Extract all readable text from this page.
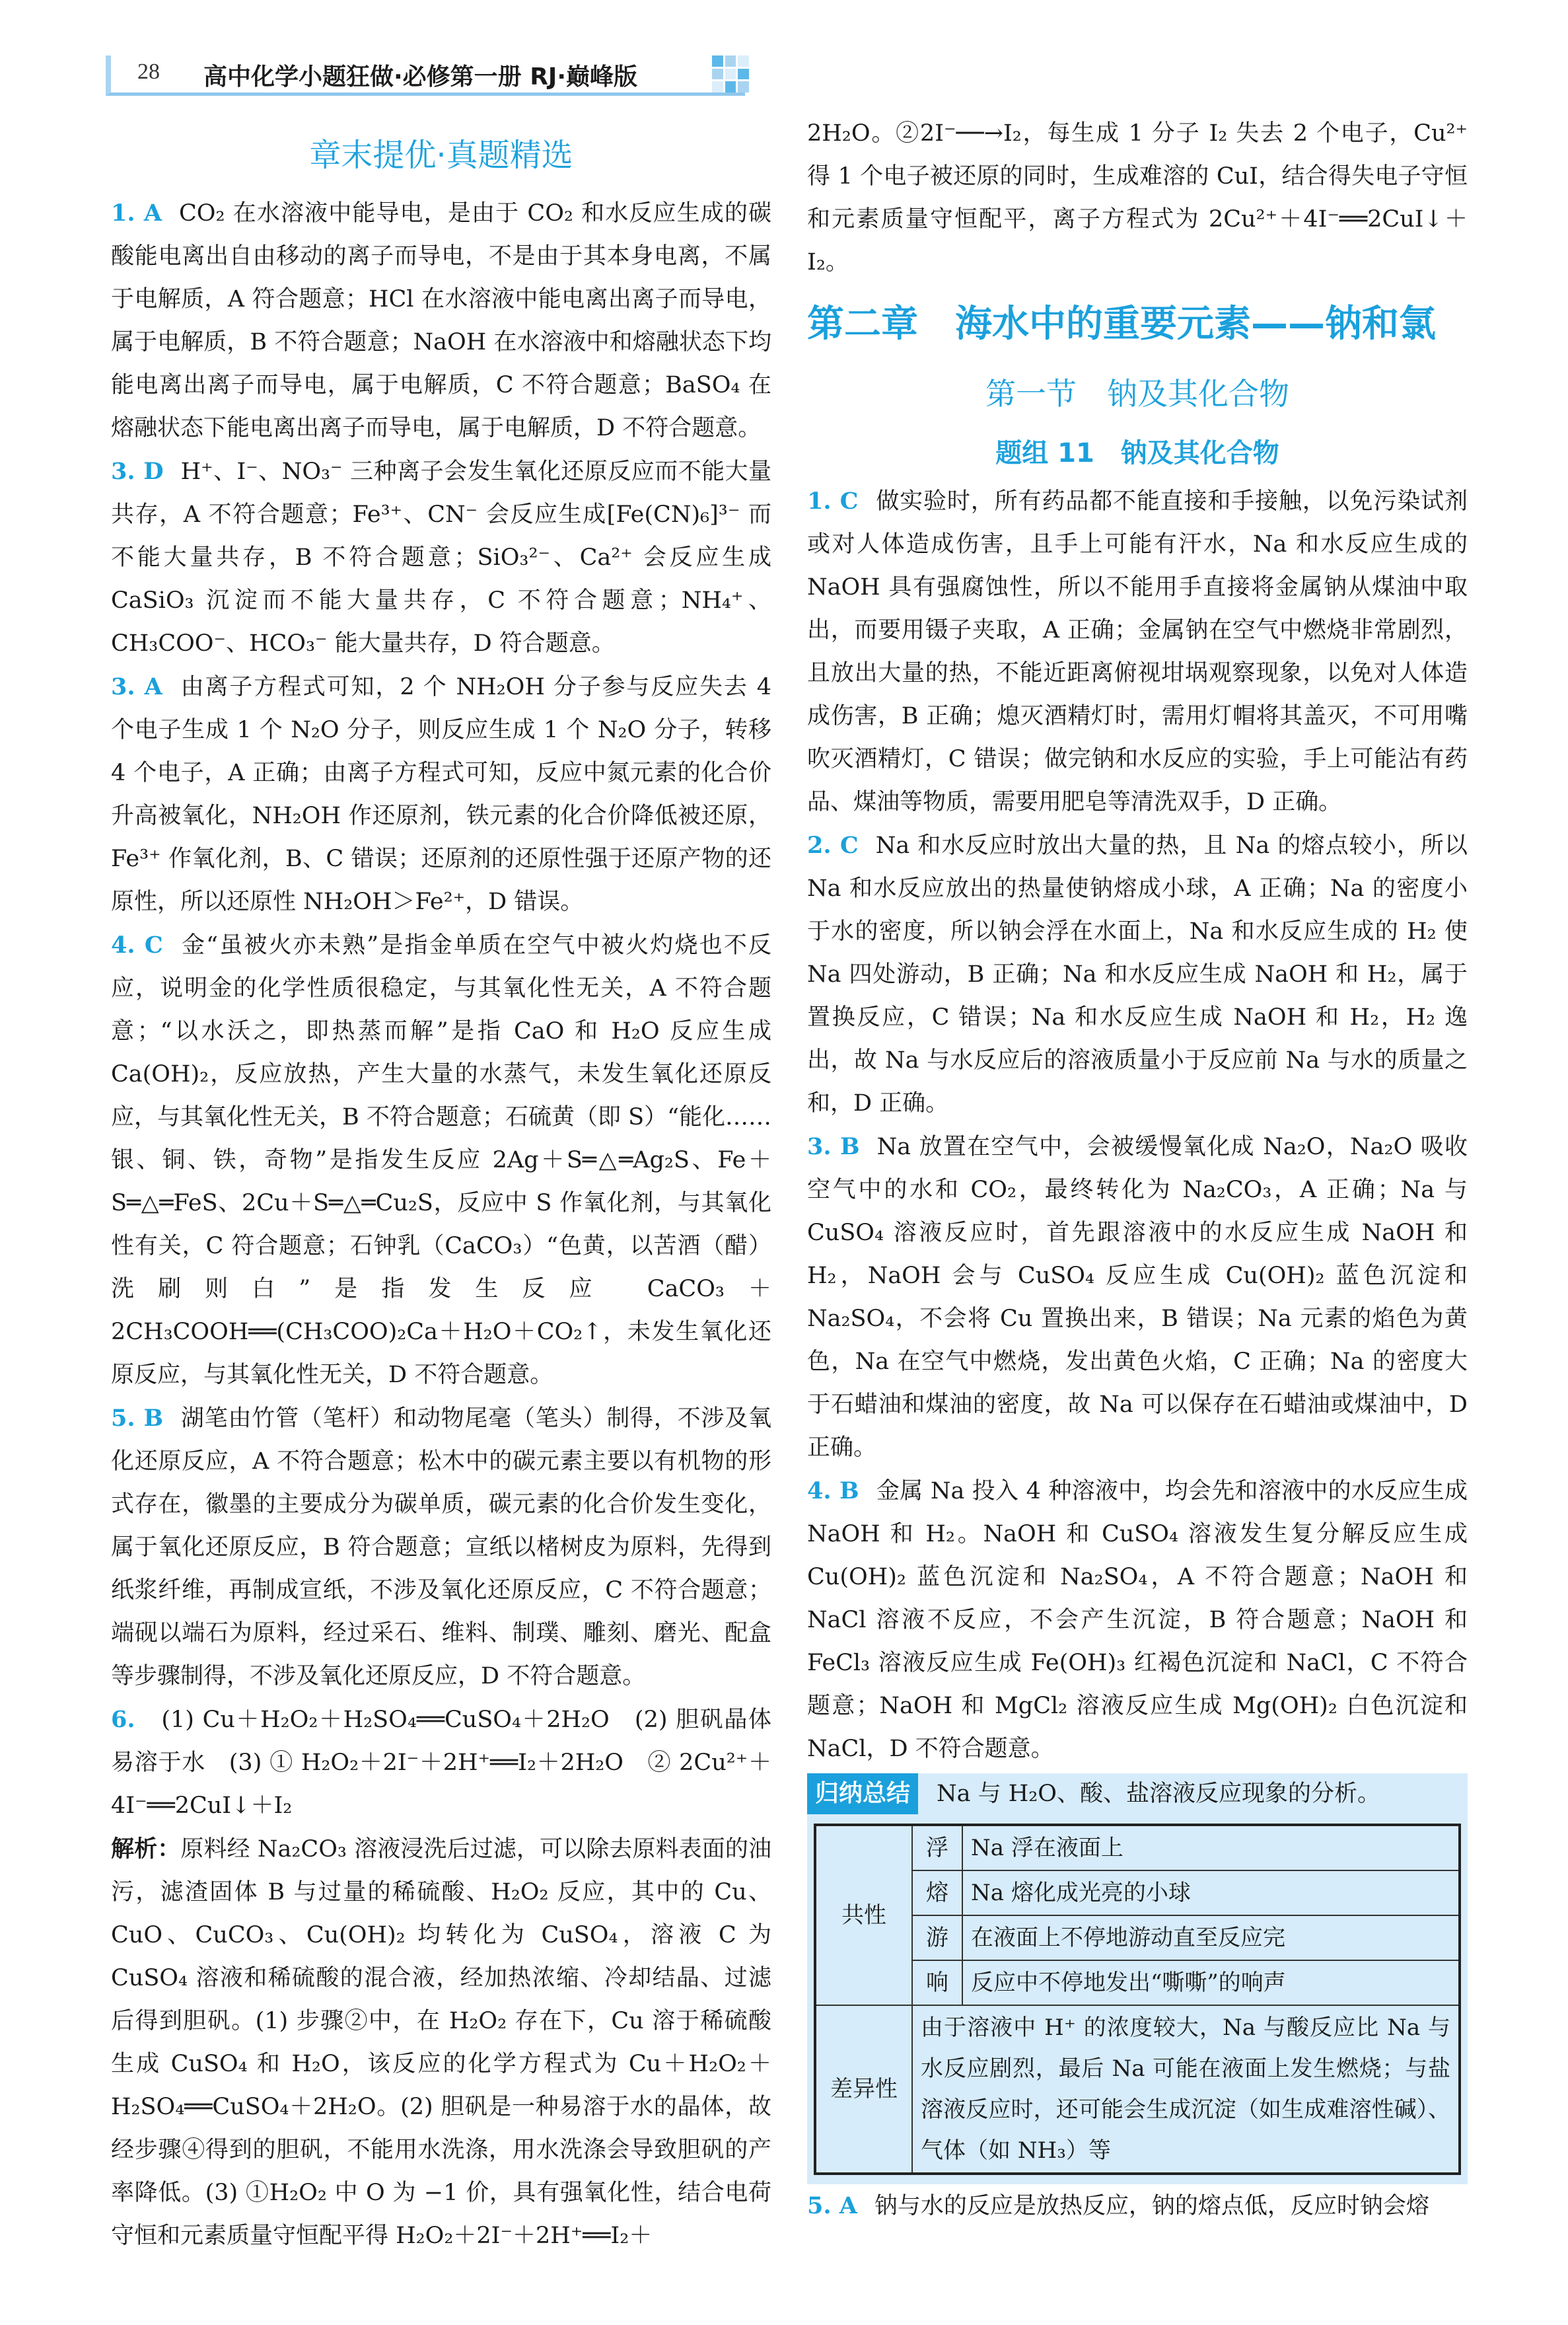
28 高中化学小题狂做·必修第一册 RJ·巅峰版
章末提优·真题精选

1. A CO₂ 在水溶液中能导电，是由于 CO₂ 和水反应生成的碳酸能电离出自由移动的离子而导电，不是由于其本身电离，不属于电解质，A 符合题意；HCl 在水溶液中能电离出离子而导电，属于电解质，B 不符合题意；NaOH 在水溶液中和熔融状态下均能电离出离子而导电，属于电解质，C 不符合题意；BaSO₄ 在熔融状态下能电离出离子而导电，属于电解质，D 不符合题意。

3. D H⁺、I⁻、NO₃⁻ 三种离子会发生氧化还原反应而不能大量共存，A 不符合题意；Fe³⁺、CN⁻ 会反应生成[Fe(CN)₆]³⁻ 而不能大量共存，B 不符合题意；SiO₃²⁻、Ca²⁺ 会反应生成 CaSiO₃ 沉淀而不能大量共存，C 不符合题意；NH₄⁺、CH₃COO⁻、HCO₃⁻ 能大量共存，D 符合题意。

3. A 由离子方程式可知，2 个 NH₂OH 分子参与反应失去 4 个电子生成 1 个 N₂O 分子，则反应生成 1 个 N₂O 分子，转移 4 个电子，A 正确；由离子方程式可知，反应中氮元素的化合价升高被氧化，NH₂OH 作还原剂，铁元素的化合价降低被还原，Fe³⁺ 作氧化剂，B、C 错误；还原剂的还原性强于还原产物的还原性，所以还原性 NH₂OH＞Fe²⁺，D 错误。

4. C 金“虽被火亦未熟”是指金单质在空气中被火灼烧也不反应，说明金的化学性质很稳定，与其氧化性无关，A 不符合题意；“以水沃之，即热蒸而解”是指 CaO 和 H₂O 反应生成 Ca(OH)₂，反应放热，产生大量的水蒸气，未发生氧化还原反应，与其氧化性无关，B 不符合题意；石硫黄（即 S）“能化……银、铜、铁，奇物”是指发生反应 2Ag＋S═△═Ag₂S、Fe＋S═△═FeS、2Cu＋S═△═Cu₂S，反应中 S 作氧化剂，与其氧化性有关，C 符合题意；石钟乳（CaCO₃）“色黄，以苦酒（醋）洗刷则白”是指发生反应 CaCO₃＋2CH₃COOH══(CH₃COO)₂Ca＋H₂O＋CO₂↑，未发生氧化还原反应，与其氧化性无关，D 不符合题意。

5. B 湖笔由竹管（笔杆）和动物尾毫（笔头）制得，不涉及氧化还原反应，A 不符合题意；松木中的碳元素主要以有机物的形式存在，徽墨的主要成分为碳单质，碳元素的化合价发生变化，属于氧化还原反应，B 符合题意；宣纸以楮树皮为原料，先得到纸浆纤维，再制成宣纸，不涉及氧化还原反应，C 不符合题意；端砚以端石为原料，经过采石、维料、制璞、雕刻、磨光、配盒等步骤制得，不涉及氧化还原反应，D 不符合题意。

6. (1) Cu＋H₂O₂＋H₂SO₄══CuSO₄＋2H₂O　(2) 胆矾晶体易溶于水　(3) ① H₂O₂＋2I⁻＋2H⁺══I₂＋2H₂O　② 2Cu²⁺＋4I⁻══2CuI↓＋I₂

解析：原料经 Na₂CO₃ 溶液浸洗后过滤，可以除去原料表面的油污，滤渣固体 B 与过量的稀硫酸、H₂O₂ 反应，其中的 Cu、CuO、CuCO₃、Cu(OH)₂ 均转化为 CuSO₄，溶液 C 为 CuSO₄ 溶液和稀硫酸的混合液，经加热浓缩、冷却结晶、过滤后得到胆矾。(1) 步骤②中，在 H₂O₂ 存在下，Cu 溶于稀硫酸生成 CuSO₄ 和 H₂O，该反应的化学方程式为 Cu＋H₂O₂＋H₂SO₄══CuSO₄＋2H₂O。(2) 胆矾是一种易溶于水的晶体，故经步骤④得到的胆矾，不能用水洗涤，用水洗涤会导致胆矾的产率降低。(3) ①H₂O₂ 中 O 为 −1 价，具有强氧化性，结合电荷守恒和元素质量守恒配平得 H₂O₂＋2I⁻＋2H⁺══I₂＋

2H₂O。②2I⁻──→I₂，每生成 1 分子 I₂ 失去 2 个电子，Cu²⁺ 得 1 个电子被还原的同时，生成难溶的 CuI，结合得失电子守恒和元素质量守恒配平，离子方程式为 2Cu²⁺＋4I⁻══2CuI↓＋I₂。

第二章　海水中的重要元素——钠和氯
第一节　钠及其化合物
题组 11　钠及其化合物

1. C 做实验时，所有药品都不能直接和手接触，以免污染试剂或对人体造成伤害，且手上可能有汗水，Na 和水反应生成的 NaOH 具有强腐蚀性，所以不能用手直接将金属钠从煤油中取出，而要用镊子夹取，A 正确；金属钠在空气中燃烧非常剧烈，且放出大量的热，不能近距离俯视坩埚观察现象，以免对人体造成伤害，B 正确；熄灭酒精灯时，需用灯帽将其盖灭，不可用嘴吹灭酒精灯，C 错误；做完钠和水反应的实验，手上可能沾有药品、煤油等物质，需要用肥皂等清洗双手，D 正确。

2. C Na 和水反应时放出大量的热，且 Na 的熔点较小，所以 Na 和水反应放出的热量使钠熔成小球，A 正确；Na 的密度小于水的密度，所以钠会浮在水面上，Na 和水反应生成的 H₂ 使 Na 四处游动，B 正确；Na 和水反应生成 NaOH 和 H₂，属于置换反应，C 错误；Na 和水反应生成 NaOH 和 H₂，H₂ 逸出，故 Na 与水反应后的溶液质量小于反应前 Na 与水的质量之和，D 正确。

3. B Na 放置在空气中，会被缓慢氧化成 Na₂O，Na₂O 吸收空气中的水和 CO₂，最终转化为 Na₂CO₃，A 正确；Na 与 CuSO₄ 溶液反应时，首先跟溶液中的水反应生成 NaOH 和 H₂，NaOH 会与 CuSO₄ 反应生成 Cu(OH)₂ 蓝色沉淀和 Na₂SO₄，不会将 Cu 置换出来，B 错误；Na 元素的焰色为黄色，Na 在空气中燃烧，发出黄色火焰，C 正确；Na 的密度大于石蜡油和煤油的密度，故 Na 可以保存在石蜡油或煤油中，D 正确。

4. B 金属 Na 投入 4 种溶液中，均会先和溶液中的水反应生成 NaOH 和 H₂。NaOH 和 CuSO₄ 溶液发生复分解反应生成 Cu(OH)₂ 蓝色沉淀和 Na₂SO₄，A 不符合题意；NaOH 和 NaCl 溶液不反应，不会产生沉淀，B 符合题意；NaOH 和 FeCl₃ 溶液反应生成 Fe(OH)₃ 红褐色沉淀和 NaCl，C 不符合题意；NaOH 和 MgCl₂ 溶液反应生成 Mg(OH)₂ 白色沉淀和 NaCl，D 不符合题意。

归纳总结	Na 与 H₂O、酸、盐溶液反应现象的分析。
共性	浮	Na 浮在液面上
	熔	Na 熔化成光亮的小球
	游	在液面上不停地游动直至反应完
	响	反应中不停地发出“嘶嘶”的响声
差异性	由于溶液中 H⁺ 的浓度较大，Na 与酸反应比 Na 与水反应剧烈，最后 Na 可能在液面上发生燃烧；与盐溶液反应时，还可能会生成沉淀（如生成难溶性碱）、气体（如 NH₃）等	

5. A 钠与水的反应是放热反应，钠的熔点低，反应时钠会熔
